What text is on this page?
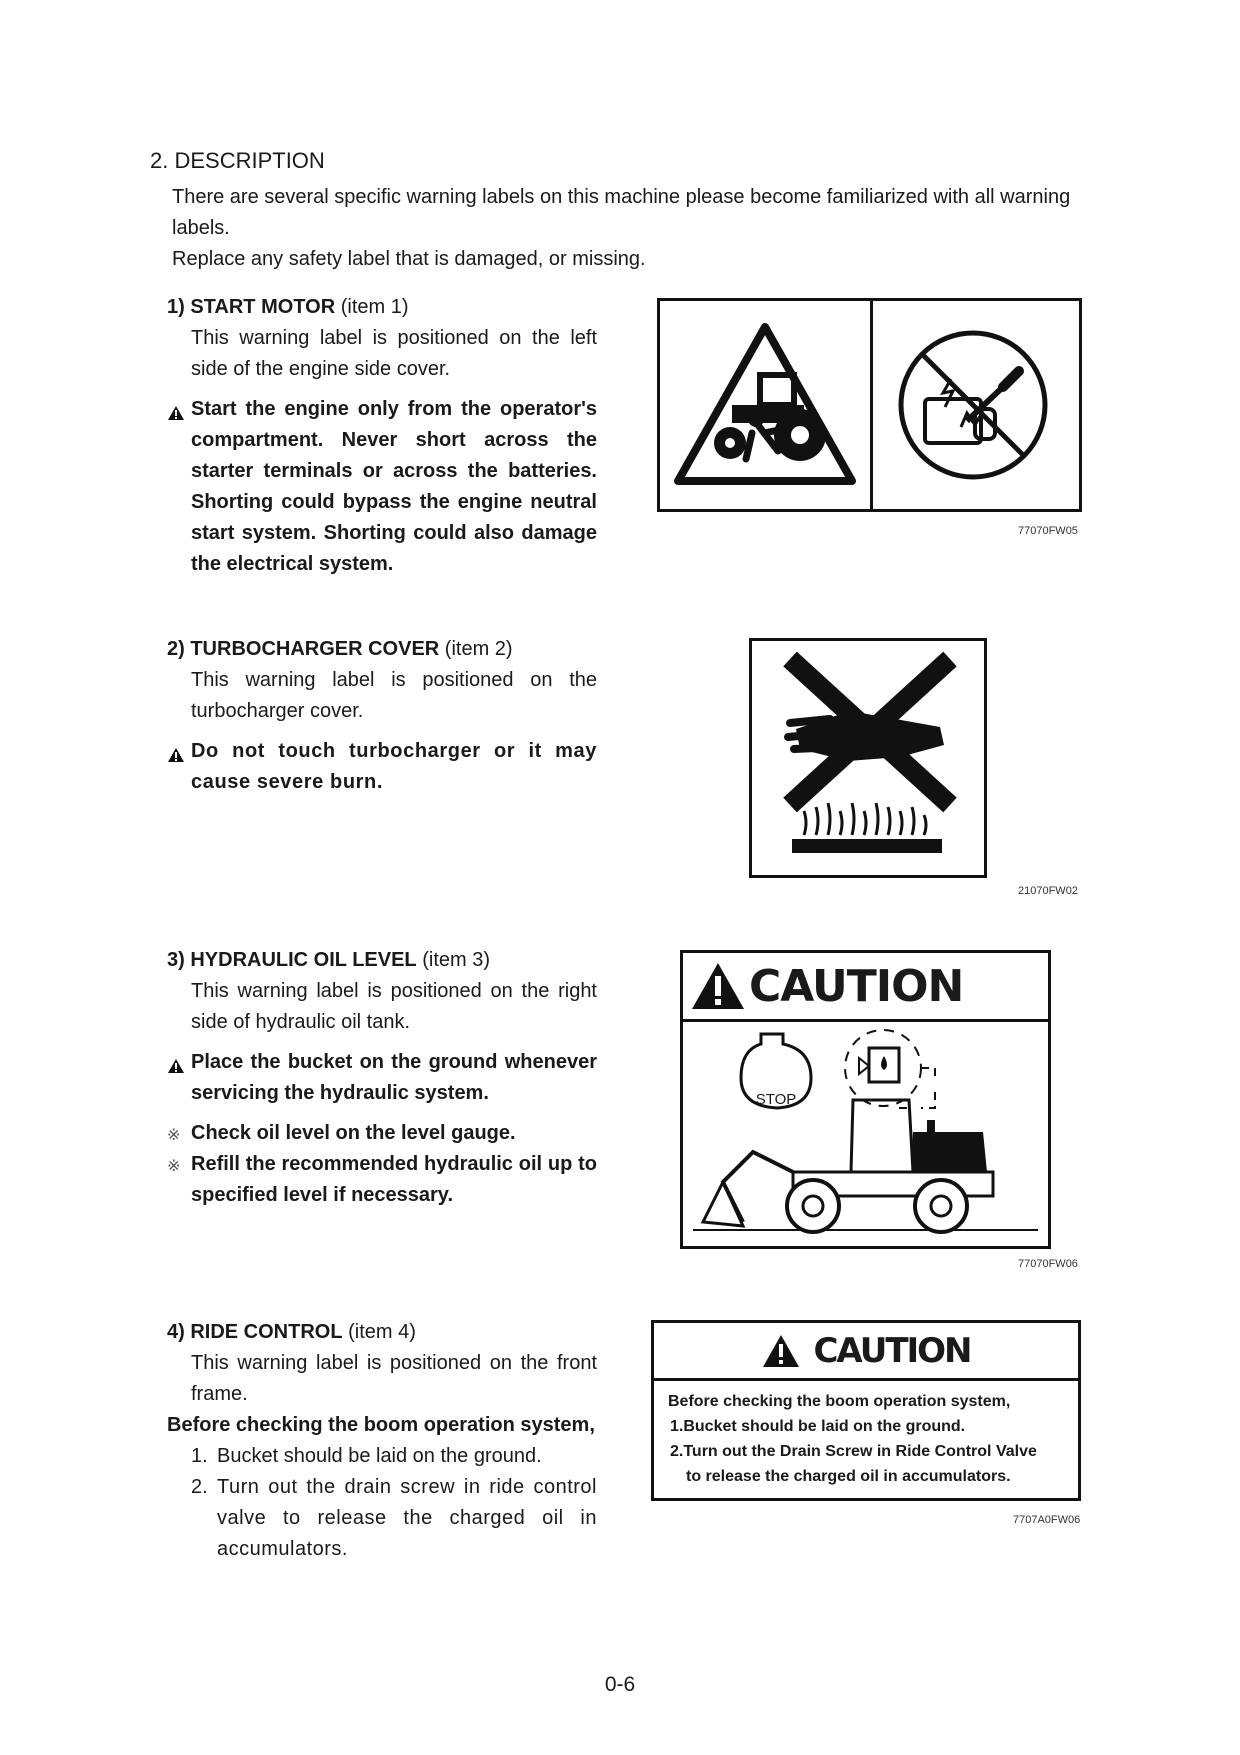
2. DESCRIPTION

There are several specific warning labels on this machine please become familiarized with all warning labels.

Replace any safety label that is damaged, or missing.

1) START MOTOR (item 1)

This warning label is positioned on the left side of the engine side cover.

Start the engine only from the operator's compartment. Never short across the starter terminals or across the batteries. Shorting could bypass the engine neutral start system. Shorting could also damage the electrical system.
77070FW05
2) TURBOCHARGER COVER (item 2)

This warning label is positioned on the turbocharger cover.

Do not touch turbocharger or it may cause severe burn.
21070FW02
3) HYDRAULIC OIL LEVEL (item 3)

This warning label is positioned on the right side of hydraulic oil tank.

Place the bucket on the ground whenever servicing the hydraulic system.
※ Check oil level on the level gauge.
※ Refill the recommended hydraulic oil up to specified level if necessary.
CAUTION
STOP
77070FW06
4) RIDE CONTROL (item 4)

This warning label is positioned on the front frame.

Before checking the boom operation system,

1. Bucket should be laid on the ground.
2. Turn out the drain screw in ride control valve to release the charged oil in accumulators.
CAUTION
Before checking the boom operation system,
1.Bucket should be laid on the ground.
2.Turn out the Drain Screw in Ride Control Valve
to release the charged oil in accumulators.
7707A0FW06
0-6
